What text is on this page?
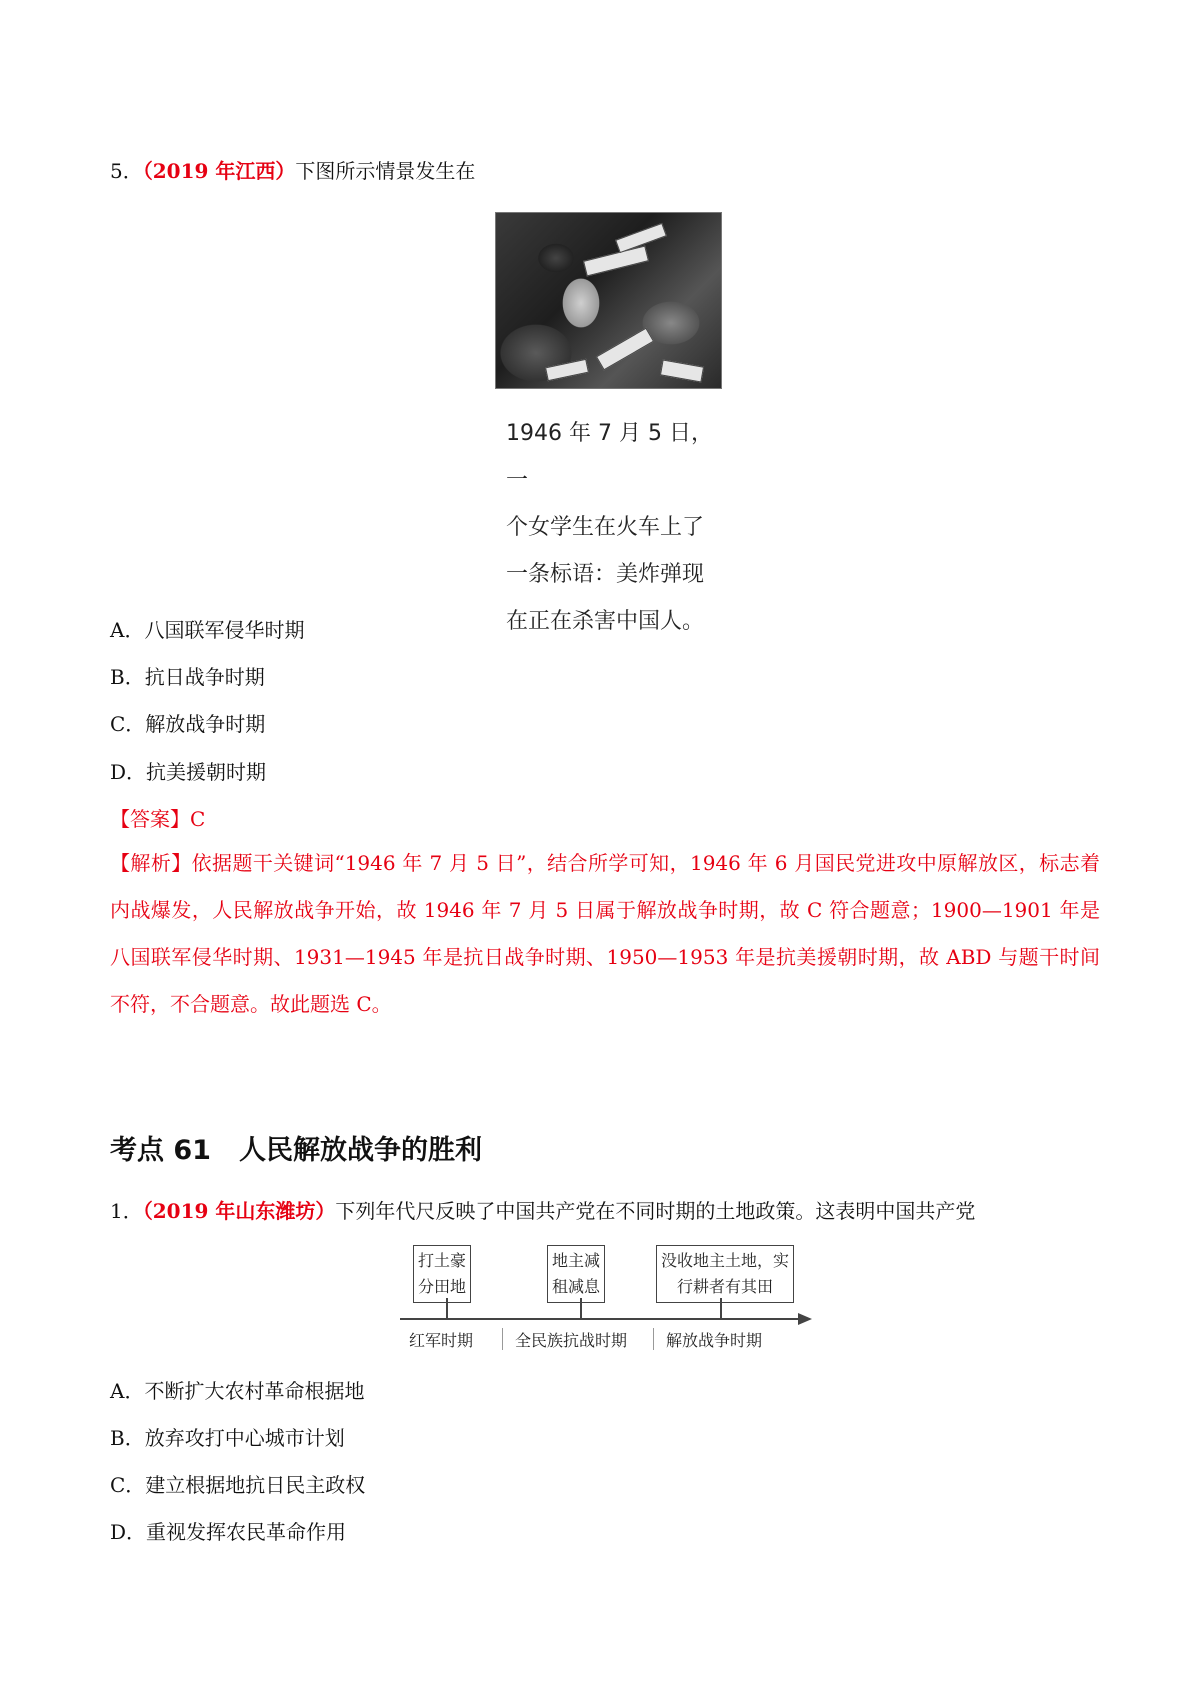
5．（2019 年江西）下图所示情景发生在
1946 年 7 月 5 日，一
个女学生在火车上了
一条标语：美炸弹现
在正在杀害中国人。
A．八国联军侵华时期
B．抗日战争时期
C．解放战争时期
D．抗美援朝时期
【答案】C
【解析】依据题干关键词“1946 年 7 月 5 日”，结合所学可知，1946 年 6 月国民党进攻中原解放区，标志着内战爆发，人民解放战争开始，故 1946 年 7 月 5 日属于解放战争时期，故 C 符合题意；1900—1901 年是八国联军侵华时期、1931—1945 年是抗日战争时期、1950—1953 年是抗美援朝时期，故 ABD 与题干时间不符，不合题意。故此题选 C。
考点 61 人民解放战争的胜利
1．（2019 年山东潍坊）下列年代尺反映了中国共产党在不同时期的土地政策。这表明中国共产党
打土豪
分田地
地主减
租减息
没收地主土地，实
行耕者有其田
红军时期	全民族抗战时期 解放战争时期
A．不断扩大农村革命根据地
B．放弃攻打中心城市计划
C．建立根据地抗日民主政权
D．重视发挥农民革命作用
